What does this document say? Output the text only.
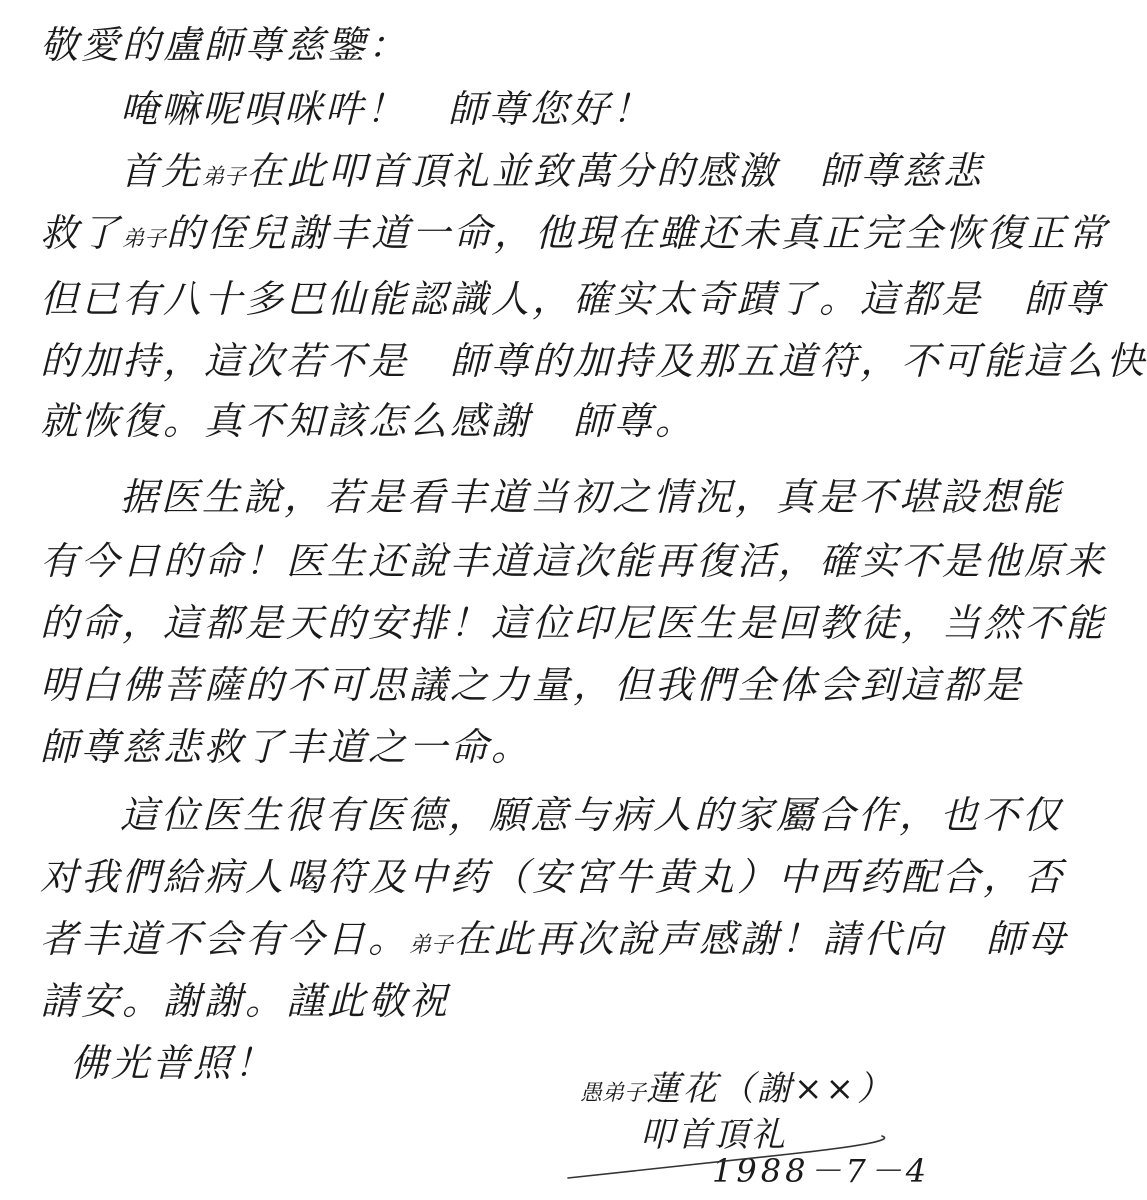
敬愛的盧師尊慈鑒：
唵嘛呢唄咪吽！　師尊您好！
首先弟子在此叩首頂礼並致萬分的感激　師尊慈悲
救了弟子的侄兒謝丰道一命，他現在雖还未真正完全恢復正常
但已有八十多巴仙能認識人，確实太奇蹟了。這都是　師尊
的加持，這次若不是　師尊的加持及那五道符，不可能這么快
就恢復。真不知該怎么感謝　師尊。
据医生說，若是看丰道当初之情況，真是不堪設想能
有今日的命！医生还說丰道這次能再復活，確实不是他原来
的命，這都是天的安排！這位印尼医生是回教徒，当然不能
明白佛菩薩的不可思議之力量，但我們全体会到這都是
師尊慈悲救了丰道之一命。
這位医生很有医德，願意与病人的家屬合作，也不仅
对我們給病人喝符及中药（安宮牛黄丸）中西药配合，否
者丰道不会有今日。弟子在此再次說声感謝！請代向　師母
請安。謝謝。謹此敬祝
佛光普照！
愚弟子蓮花（謝××）
叩首頂礼
1988－7－4
